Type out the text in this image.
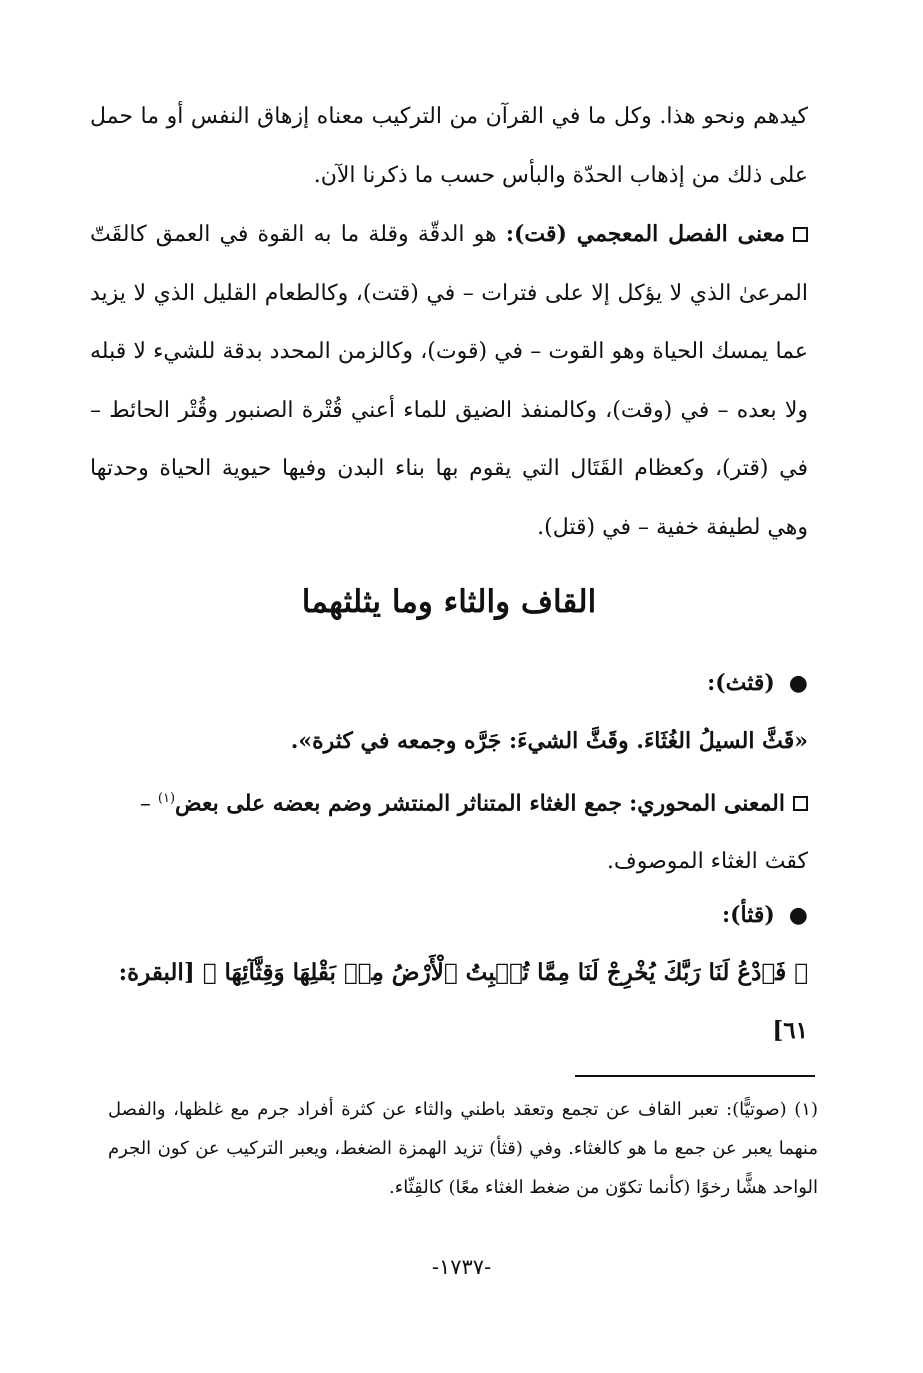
كيدهم ونحو هذا. وكل ما في القرآن من التركيب معناه إزهاق النفس أو ما حمل على ذلك من إذهاب الحدّة والبأس حسب ما ذكرنا الآن.

معنى الفصل المعجمي (قت): هو الدقّة وقلة ما به القوة في العمق كالقَتّ المرعىٰ الذي لا يؤكل إلا على فترات – في (قتت)، وكالطعام القليل الذي لا يزيد عما يمسك الحياة وهو القوت – في (قوت)، وكالزمن المحدد بدقة للشيء لا قبله ولا بعده – في (وقت)، وكالمنفذ الضيق للماء أعني قُتْرة الصنبور وقُتْر الحائط – في (قتر)، وكعظام القَتَال التي يقوم بها بناء البدن وفيها حيوية الحياة وحدتها وهي لطيفة خفية – في (قتل).

القاف والثاء وما يثلثهما

●(قثث):

«قَثَّ السيلُ الغُثَاءَ. وقَثَّ الشيءَ: جَرَّه وجمعه في كثرة».

المعنى المحوري: جمع الغثاء المتناثر المنتشر وضم بعضه على بعض$^{(١)}$ – كقث الغثاء الموصوف.

●(قثأ):

﴿ فَٱدْعُ لَنَا رَبَّكَ يُخْرِجْ لَنَا مِمَّا تُنۢبِتُ ٱلْأَرْضُ مِنۢ بَقْلِهَا وَقِثَّآئِهَا ﴾ [البقرة: ٦١]

(١) (صوتيًّا): تعبر القاف عن تجمع وتعقد باطني والثاء عن كثرة أفراد جرم مع غلظها، والفصل منهما يعبر عن جمع ما هو كالغثاء. وفي (قثأ) تزيد الهمزة الضغط، ويعبر التركيب عن كون الجرم الواحد هشًّا رخوًا (كأنما تكوّن من ضغط الغثاء معًا) كالقِثّاء.

-١٧٣٧-
